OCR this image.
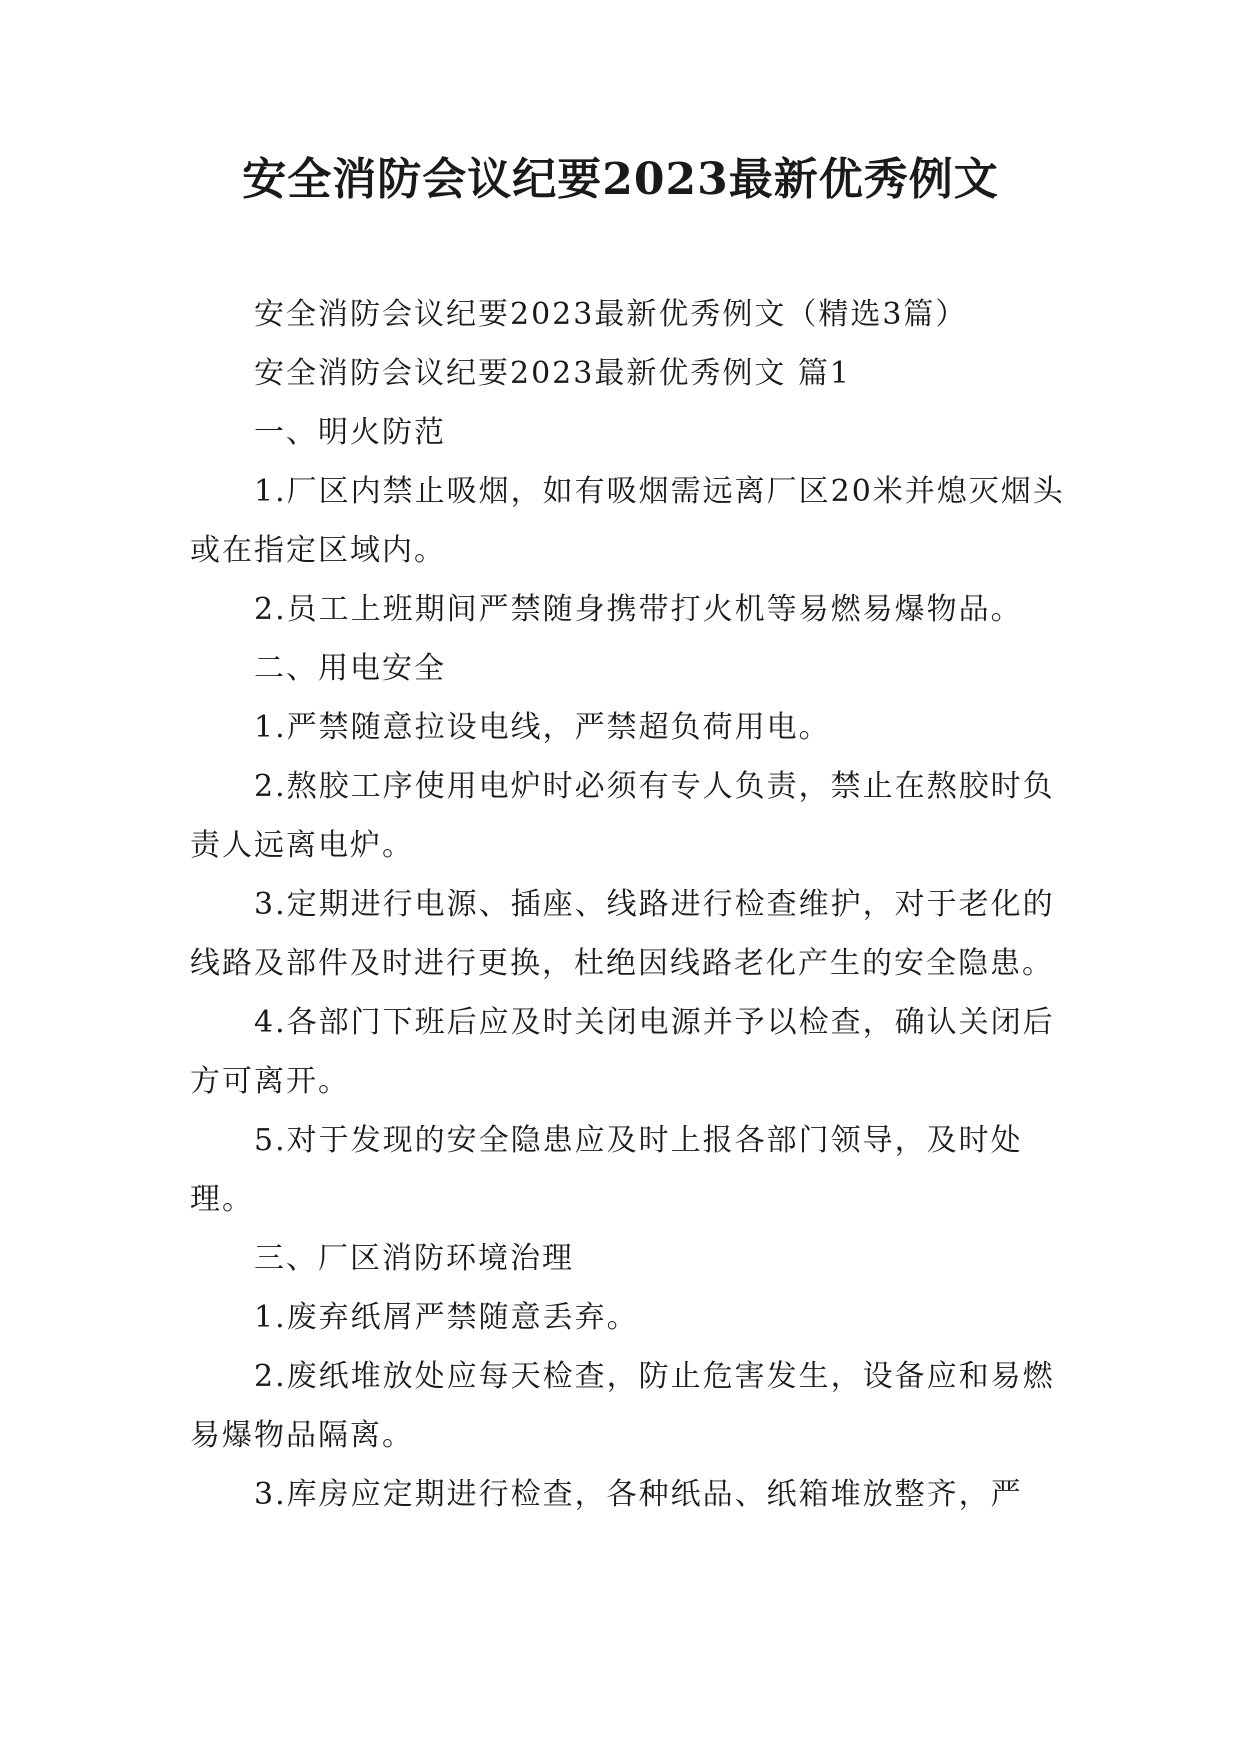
安全消防会议纪要2023最新优秀例文

安全消防会议纪要2023最新优秀例文（精选3篇）

安全消防会议纪要2023最新优秀例文 篇1

一、明火防范

1.厂区内禁止吸烟，如有吸烟需远离厂区20米并熄灭烟头或在指定区域内。

2.员工上班期间严禁随身携带打火机等易燃易爆物品。

二、用电安全

1.严禁随意拉设电线，严禁超负荷用电。

2.熬胶工序使用电炉时必须有专人负责，禁止在熬胶时负责人远离电炉。

3.定期进行电源、插座、线路进行检查维护，对于老化的线路及部件及时进行更换，杜绝因线路老化产生的安全隐患。

4.各部门下班后应及时关闭电源并予以检查，确认关闭后方可离开。

5.对于发现的安全隐患应及时上报各部门领导，及时处理。

三、厂区消防环境治理

1.废弃纸屑严禁随意丢弃。

2.废纸堆放处应每天检查，防止危害发生，设备应和易燃易爆物品隔离。

3.库房应定期进行检查，各种纸品、纸箱堆放整齐，严
